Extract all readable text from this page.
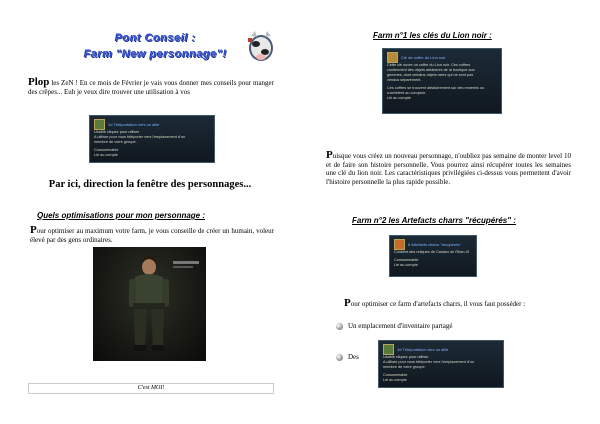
Pont Conseil :
Farm "New personnage"!
Plop les ZeN ! En ce mois de Février je vais vous donner mes conseils pour manger des crêpes... Euh je veux dire trouver une utilisation à vos
1d Téléportation vers un allié
Usable cliquez pour utiliser
A utiliser pour vous téléporter vers l'emplacement d'un
membre de votre groupe.
Consommable
Lié au compte
Par ici, direction la fenêtre des personnages...
Quels optimisations pour mon personnage :
Pour optimiser au maximum votre farm, je vous conseille de créer un humain, voleur élevé par des gens ordinaires.
C'est MOI!
Farm n°1 les clés du Lion noir :
Clé de coffre du Lion noir
Cette clé ouvre un coffre du Lion noir. Ces coffres
contiennent des objets aléatoires de la boutique aux
gemmes, dont certains objets rares qui ne sont pas
vendus séparément.
Ces coffres se trouvent aléatoirement sur des ennemis ou
s'achètent au comptoir.
Lié au compte
Puisque vous créez un nouveau personnage, n'oubliez pas semaine de monter level 10 et de faire son histoire personnelle. Vous pourrez ainsi récupérer toutes les semaines une clé du lion noir. Les caractéristiques privilégiées ci-dessus vous permettent d'avoir l'histoire personnelle la plus rapide possible.
Farm n°2 les Artefacts charrs "récupérés" :
6 Artefacts charrs "récupérés"
Contient des reliques de Canaux de Rhan-IX
Consommable
Lié au compte
Pour optimiser ce farm d'artefacts charrs, il vous faut posséder :
Un emplacement d'inventaire partagé
Des
1d Téléportation vers un allié
Usable cliquez pour utiliser
A utiliser pour vous téléporter vers l'emplacement d'un
membre de votre groupe.
Consommable
Lié au compte
